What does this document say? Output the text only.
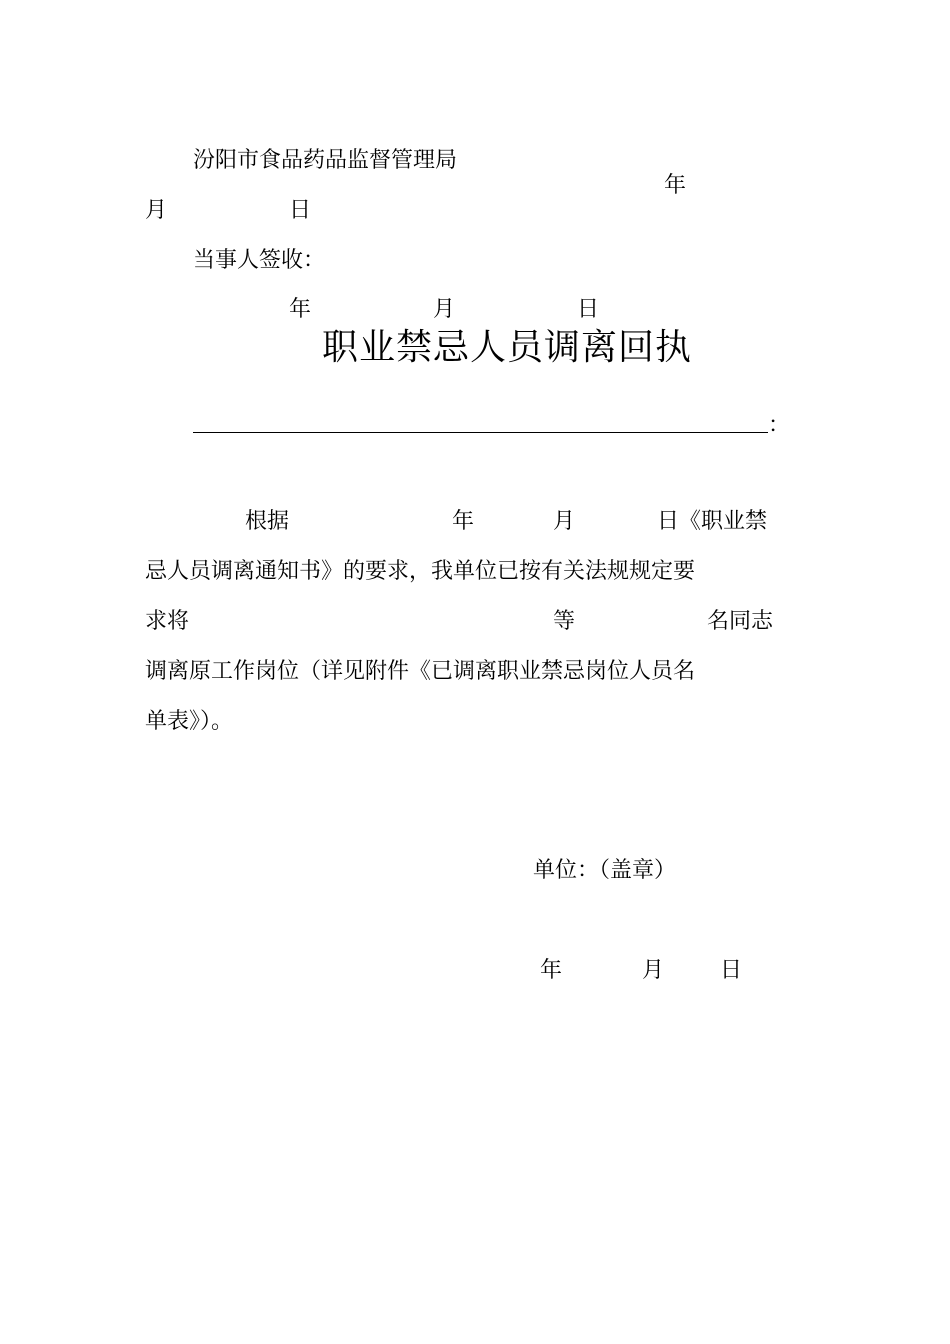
汾阳市食品药品监督管理局
年
月	日
当事人签收：
年	月	日
职业禁忌人员调离回执
：
根据	年	月	日《职业禁
忌人员调离通知书》的要求，我单位已按有关法规规定要
求将	等	名同志
调离原工作岗位（详见附件《已调离职业禁忌岗位人员名
单表》）。
单位：（盖章）
年	月	日
